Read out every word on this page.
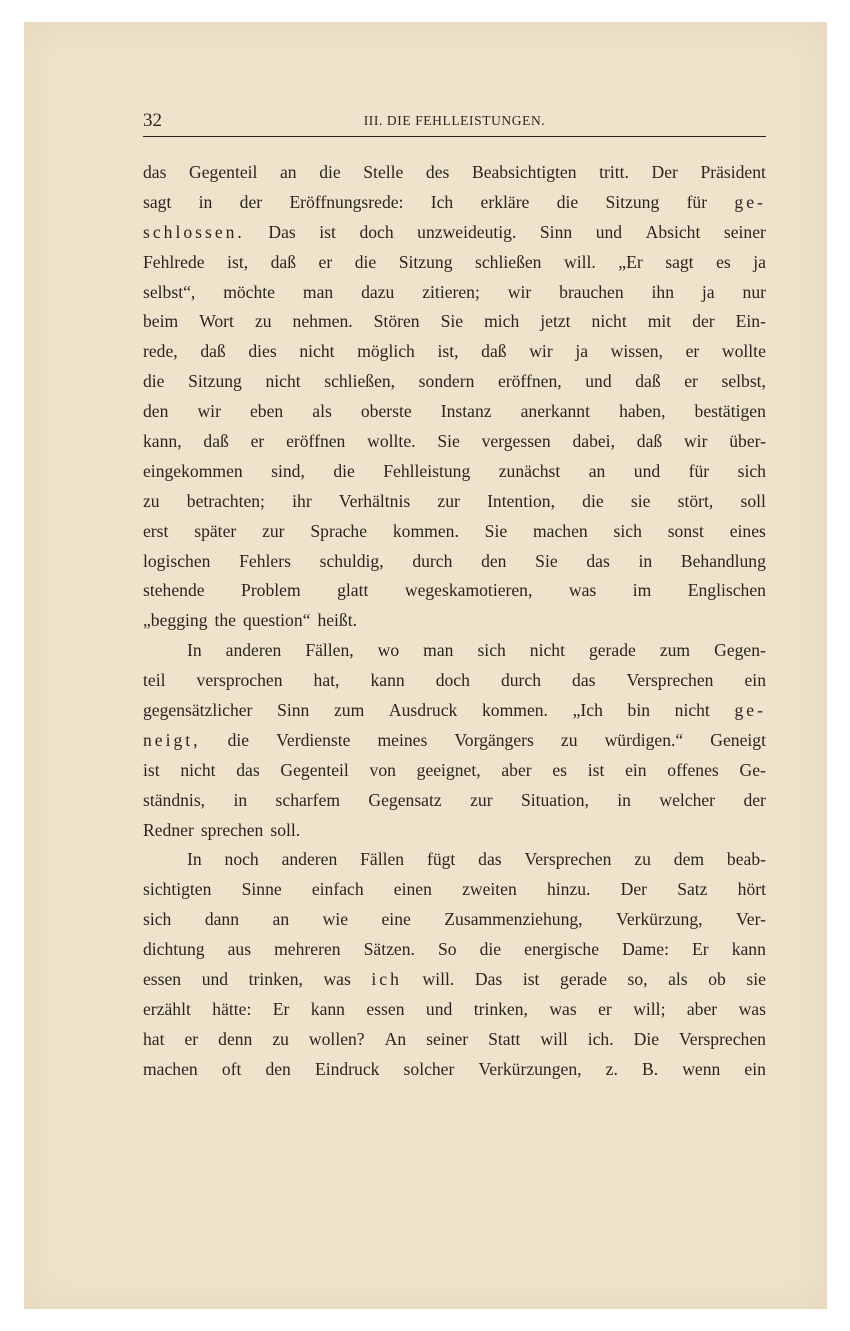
32	III. DIE FEHLLEISTUNGEN.
das Gegenteil an die Stelle des Beabsichtigten tritt. Der Präsident
sagt in der Eröffnungsrede: Ich erkläre die Sitzung für ge-
schlossen. Das ist doch unzweideutig. Sinn und Absicht seiner
Fehlrede ist, daß er die Sitzung schließen will. „Er sagt es ja
selbst“, möchte man dazu zitieren; wir brauchen ihn ja nur
beim Wort zu nehmen. Stören Sie mich jetzt nicht mit der Ein-
rede, daß dies nicht möglich ist, daß wir ja wissen, er wollte
die Sitzung nicht schließen, sondern eröffnen, und daß er selbst,
den wir eben als oberste Instanz anerkannt haben, bestätigen
kann, daß er eröffnen wollte. Sie vergessen dabei, daß wir über-
eingekommen sind, die Fehlleistung zunächst an und für sich
zu betrachten; ihr Verhältnis zur Intention, die sie stört, soll
erst später zur Sprache kommen. Sie machen sich sonst eines
logischen Fehlers schuldig, durch den Sie das in Behandlung
stehende Problem glatt wegeskamotieren, was im Englischen
„begging the question“ heißt.
In anderen Fällen, wo man sich nicht gerade zum Gegen-
teil versprochen hat, kann doch durch das Versprechen ein
gegensätzlicher Sinn zum Ausdruck kommen. „Ich bin nicht ge-
neigt, die Verdienste meines Vorgängers zu würdigen.“ Geneigt
ist nicht das Gegenteil von geeignet, aber es ist ein offenes Ge-
ständnis, in scharfem Gegensatz zur Situation, in welcher der
Redner sprechen soll.
In noch anderen Fällen fügt das Versprechen zu dem beab-
sichtigten Sinne einfach einen zweiten hinzu. Der Satz hört
sich dann an wie eine Zusammenziehung, Verkürzung, Ver-
dichtung aus mehreren Sätzen. So die energische Dame: Er kann
essen und trinken, was ich will. Das ist gerade so, als ob sie
erzählt hätte: Er kann essen und trinken, was er will; aber was
hat er denn zu wollen? An seiner Statt will ich. Die Versprechen
machen oft den Eindruck solcher Verkürzungen, z. B. wenn ein
